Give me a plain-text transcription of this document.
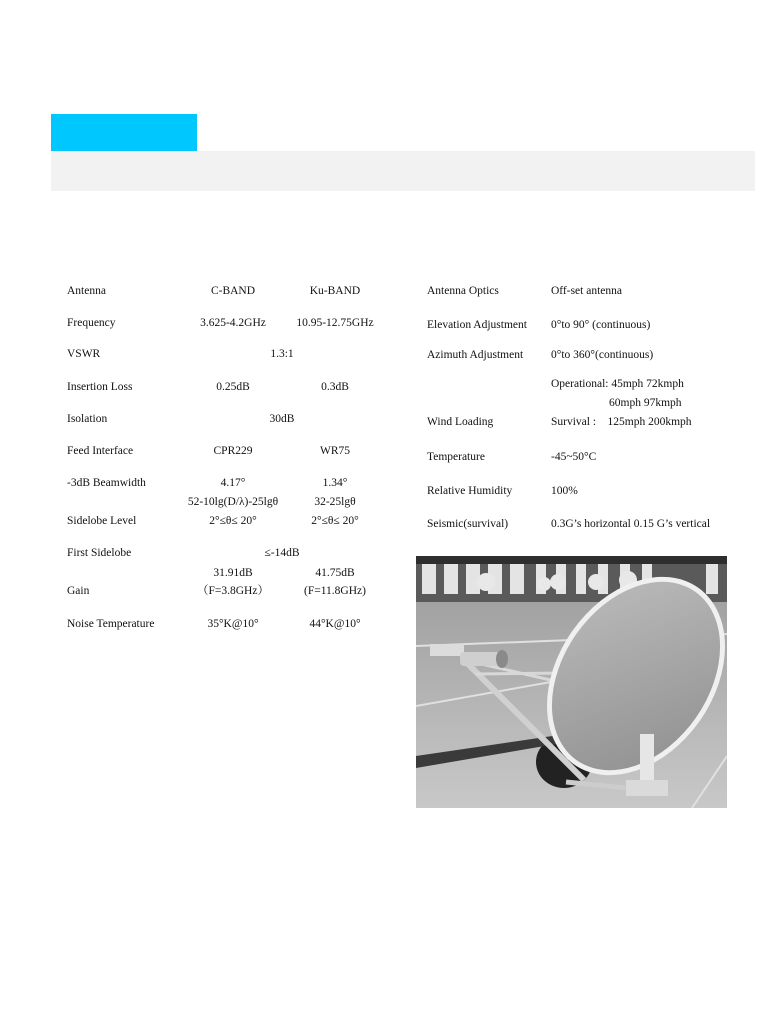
Antenna	C-BAND	Ku-BAND
Frequency	3.625-4.2GHz	10.95-12.75GHz
VSWR	1.3:1
Insertion Loss	0.25dB	0.3dB
Isolation	30dB
Feed Interface	CPR229	WR75
-3dB Beamwidth	4.17°	1.34°
52-10lg(D/λ)-25lgθ	32-25lgθ
Sidelobe Level	2°≤θ≤ 20°	2°≤θ≤ 20°
First Sidelobe	≤-14dB
31.91dB	41.75dB
Gain	（F=3.8GHz）	(F=11.8GHz)
Noise Temperature	35°K@10°	44°K@10°
Antenna Optics	Off-set antenna
Elevation Adjustment 0°to 90° (continuous)
Azimuth Adjustment 0°to 360°(continuous)
Operational: 45mph 72kmph
60mph 97kmph
Wind Loading	Survival :    125mph 200kmph
Temperature	-45~50°C
Relative Humidity	100%
Seismic(survival)	0.3G’s horizontal 0.15 G’s vertical
